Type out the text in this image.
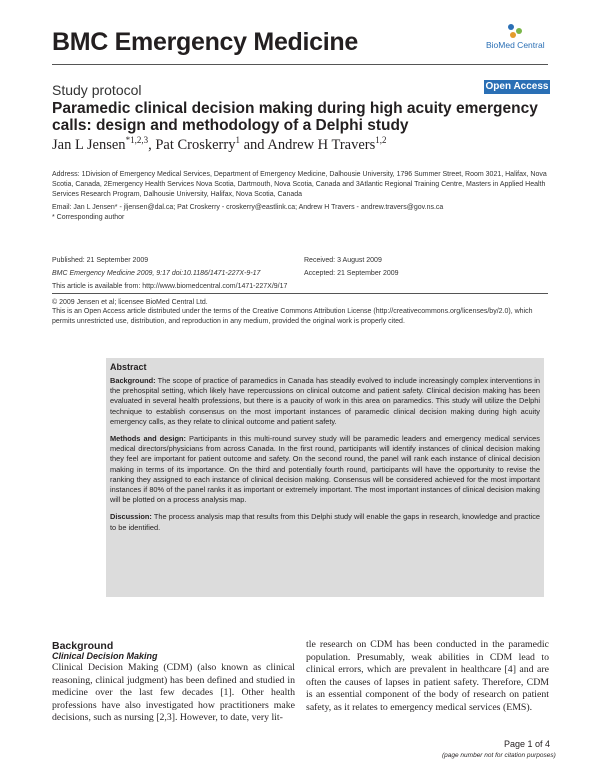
BMC Emergency Medicine	BioMed Central
Study protocol	Open Access
Paramedic clinical decision making during high acuity emergency calls: design and methodology of a Delphi study
Jan L Jensen$^{*1,2,3}$, Pat Croskerry$^1$ and Andrew H Travers$^{1,2}$
Address: 1Division of Emergency Medical Services, Department of Emergency Medicine, Dalhousie University, 1796 Summer Street, Room 3021, Halifax, Nova Scotia, Canada, 2Emergency Health Services Nova Scotia, Dartmouth, Nova Scotia, Canada and 3Atlantic Regional Training Centre, Masters in Applied Health Services Research Program, Dalhousie University, Halifax, Nova Scotia, Canada
Email: Jan L Jensen* - jljensen@dal.ca; Pat Croskerry - croskerry@eastlink.ca; Andrew H Travers - andrew.travers@gov.ns.ca
* Corresponding author
Published: 21 September 2009
BMC Emergency Medicine 2009, 9:17 doi:10.1186/1471-227X-9-17
This article is available from: http://www.biomedcentral.com/1471-227X/9/17
Received: 3 August 2009
Accepted: 21 September 2009
© 2009 Jensen et al; licensee BioMed Central Ltd.
This is an Open Access article distributed under the terms of the Creative Commons Attribution License (http://creativecommons.org/licenses/by/2.0), which permits unrestricted use, distribution, and reproduction in any medium, provided the original work is properly cited.
Abstract

Background: The scope of practice of paramedics in Canada has steadily evolved to include increasingly complex interventions in the prehospital setting, which likely have repercussions on clinical outcome and patient safety. Clinical decision making has been evaluated in several health professions, but there is a paucity of work in this area on paramedics. This study will utilize the Delphi technique to establish consensus on the most important instances of paramedic clinical decision making during high acuity emergency calls, as they relate to clinical outcome and patient safety.

Methods and design: Participants in this multi-round survey study will be paramedic leaders and emergency medical services medical directors/physicians from across Canada. In the first round, participants will identify instances of clinical decision making they feel are important for patient outcome and safety. On the second round, the panel will rank each instance of clinical decision making in terms of its importance. On the third and potentially fourth round, participants will have the opportunity to revise the ranking they assigned to each instance of clinical decision making. Consensus will be considered achieved for the most important instances if 80% of the panel ranks it as important or extremely important. The most important instances of clinical decision making will be plotted on a process analysis map.

Discussion: The process analysis map that results from this Delphi study will enable the gaps in research, knowledge and practice to be identified.

Background
Clinical Decision Making
Clinical Decision Making (CDM) (also known as clinical reasoning, clinical judgment) has been defined and studied in medicine over the last few decades [1]. Other health professions have also investigated how practitioners make decisions, such as nursing [2,3]. However, to date, very lit-
tle research on CDM has been conducted in the paramedic population. Presumably, weak abilities in CDM lead to clinical errors, which are prevalent in healthcare [4] and are often the causes of lapses in patient safety. Therefore, CDM is an essential component of the body of research on patient safety, as it relates to emergency medical services (EMS).
Page 1 of 4
(page number not for citation purposes)
